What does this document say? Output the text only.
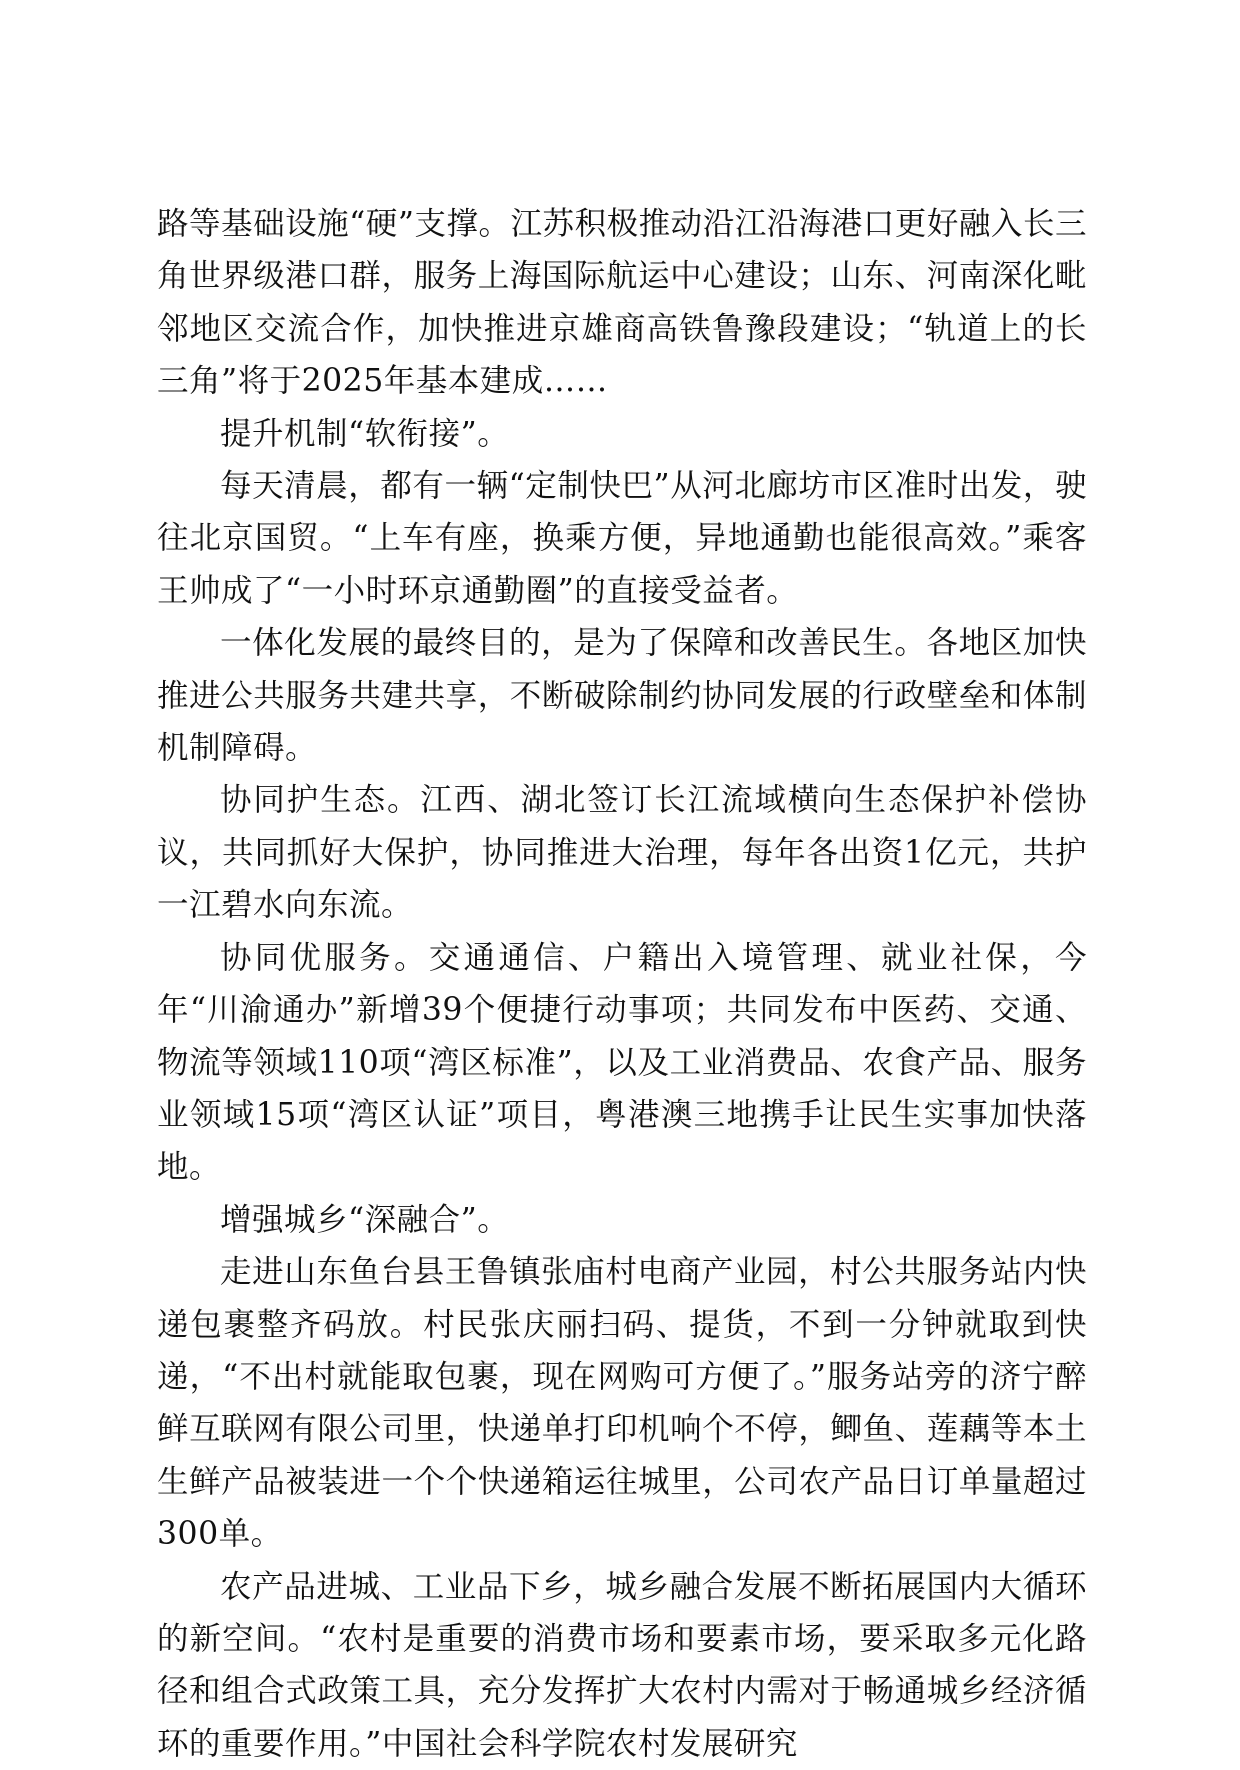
路等基础设施“硬”支撑。江苏积极推动沿江沿海港口更好融入长三角世界级港口群，服务上海国际航运中心建设；山东、河南深化毗邻地区交流合作，加快推进京雄商高铁鲁豫段建设；“轨道上的长三角”将于2025年基本建成……

提升机制“软衔接”。

每天清晨，都有一辆“定制快巴”从河北廊坊市区准时出发，驶往北京国贸。“上车有座，换乘方便，异地通勤也能很高效。”乘客王帅成了“一小时环京通勤圈”的直接受益者。

一体化发展的最终目的，是为了保障和改善民生。各地区加快推进公共服务共建共享，不断破除制约协同发展的行政壁垒和体制机制障碍。

协同护生态。江西、湖北签订长江流域横向生态保护补偿协议，共同抓好大保护，协同推进大治理，每年各出资1亿元，共护一江碧水向东流。

协同优服务。交通通信、户籍出入境管理、就业社保，今年“川渝通办”新增39个便捷行动事项；共同发布中医药、交通、物流等领域110项“湾区标准”，以及工业消费品、农食产品、服务业领域15项“湾区认证”项目，粤港澳三地携手让民生实事加快落地。

增强城乡“深融合”。

走进山东鱼台县王鲁镇张庙村电商产业园，村公共服务站内快递包裹整齐码放。村民张庆丽扫码、提货，不到一分钟就取到快递，“不出村就能取包裹，现在网购可方便了。”服务站旁的济宁醉鲜互联网有限公司里，快递单打印机响个不停，鲫鱼、莲藕等本土生鲜产品被装进一个个快递箱运往城里，公司农产品日订单量超过300单。

农产品进城、工业品下乡，城乡融合发展不断拓展国内大循环的新空间。“农村是重要的消费市场和要素市场，要采取多元化路径和组合式政策工具，充分发挥扩大农村内需对于畅通城乡经济循环的重要作用。”中国社会科学院农村发展研究
